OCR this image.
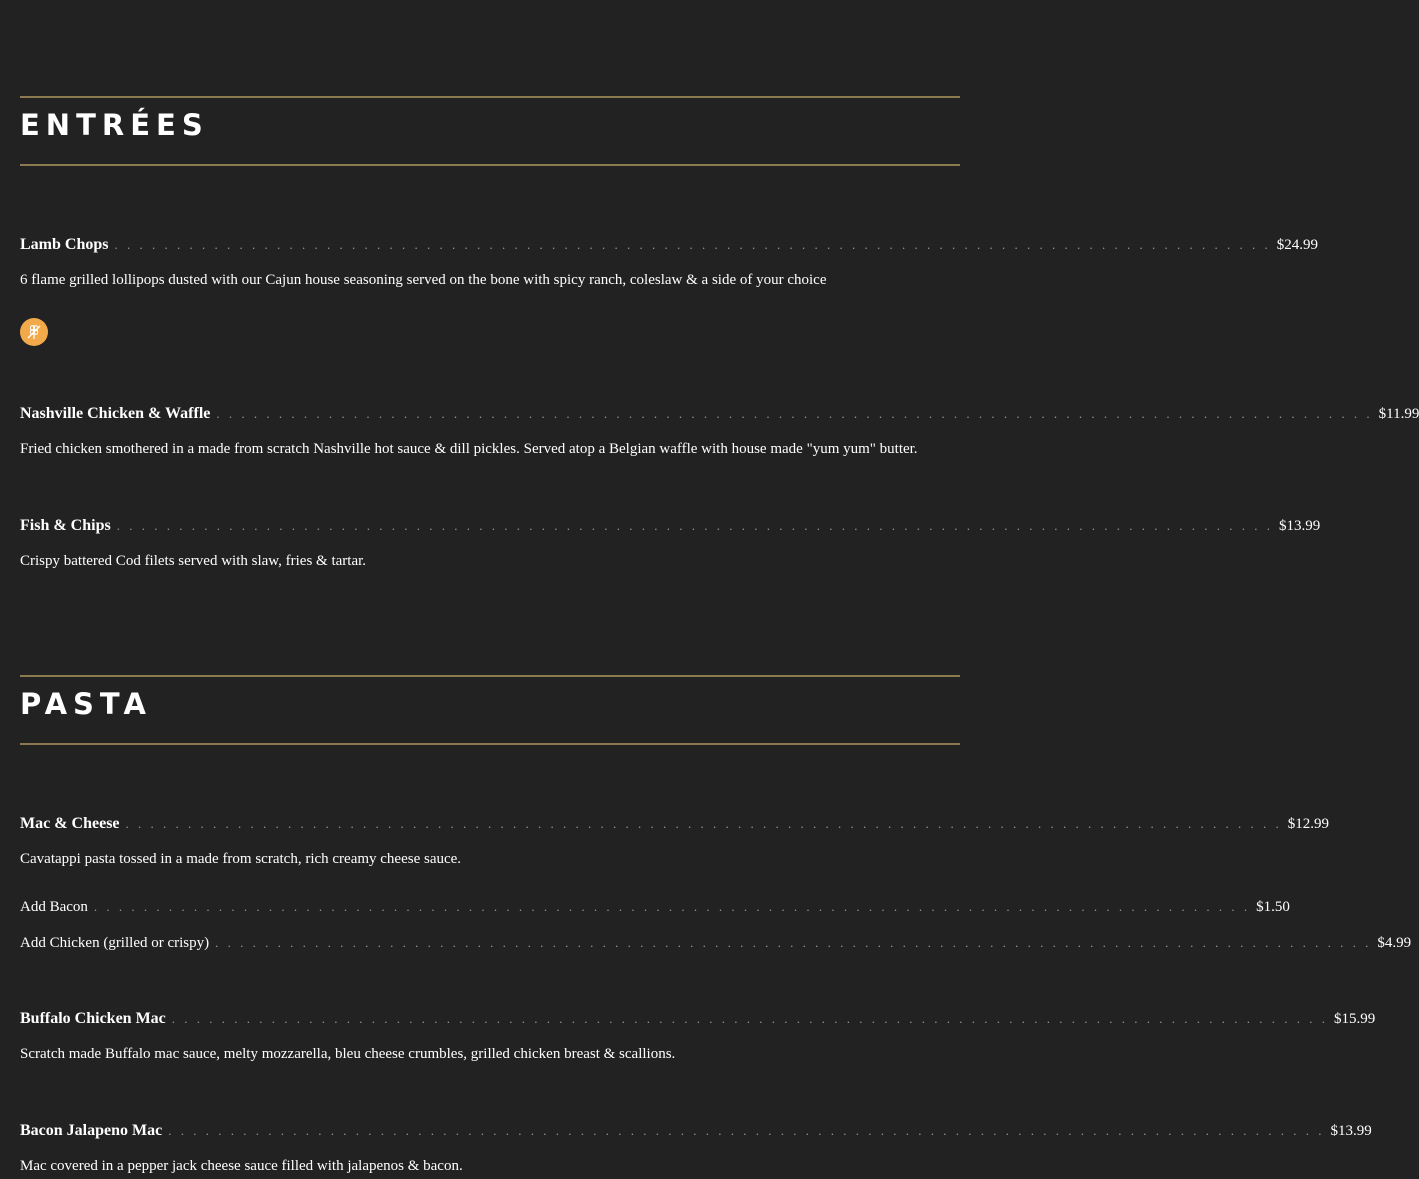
ENTRÉES
Lamb Chops . . . . . . . . . . . . . . . . . . . . . . . . . . . . . . . . . . . . . . . . . . . . . . . . . . . . . . . . . . . . . . . . . . . . . . . . . . . . . . . . . . . . . . . . . . . . . $24.99
6 flame grilled lollipops dusted with our Cajun house seasoning served on the bone with spicy ranch, coleslaw & a side of your choice
Nashville Chicken & Waffle . . . . . . . . . . . . . . . . . . . . . . . . . . . . . . . . . . . . . . . . . . . . . . . . . . . . . . . . . . . . . . . . . . . . . . . . . . . . . . . . . . . . . . . . . . . . . $11.99
Fried chicken smothered in a made from scratch Nashville hot sauce & dill pickles. Served atop a Belgian waffle with house made "yum yum" butter.
Fish & Chips . . . . . . . . . . . . . . . . . . . . . . . . . . . . . . . . . . . . . . . . . . . . . . . . . . . . . . . . . . . . . . . . . . . . . . . . . . . . . . . . . . . . . . . . . . . . . $13.99
Crispy battered Cod filets served with slaw, fries & tartar.
PASTA
Mac & Cheese . . . . . . . . . . . . . . . . . . . . . . . . . . . . . . . . . . . . . . . . . . . . . . . . . . . . . . . . . . . . . . . . . . . . . . . . . . . . . . . . . . . . . . . . . . . . . $12.99
Cavatappi pasta tossed in a made from scratch, rich creamy cheese sauce.
Add Bacon . . . . . . . . . . . . . . . . . . . . . . . . . . . . . . . . . . . . . . . . . . . . . . . . . . . . . . . . . . . . . . . . . . . . . . . . . . . . . . . . . . . . . . . . . . . . . $1.50
Add Chicken (grilled or crispy) . . . . . . . . . . . . . . . . . . . . . . . . . . . . . . . . . . . . . . . . . . . . . . . . . . . . . . . . . . . . . . . . . . . . . . . . . . . . . . . . . . . . . . . . . . . . . $4.99
Buffalo Chicken Mac . . . . . . . . . . . . . . . . . . . . . . . . . . . . . . . . . . . . . . . . . . . . . . . . . . . . . . . . . . . . . . . . . . . . . . . . . . . . . . . . . . . . . . . . . . . . . $15.99
Scratch made Buffalo mac sauce, melty mozzarella, bleu cheese crumbles, grilled chicken breast & scallions.
Bacon Jalapeno Mac . . . . . . . . . . . . . . . . . . . . . . . . . . . . . . . . . . . . . . . . . . . . . . . . . . . . . . . . . . . . . . . . . . . . . . . . . . . . . . . . . . . . . . . . . . . . . $13.99
Mac covered in a pepper jack cheese sauce filled with jalapenos & bacon.
